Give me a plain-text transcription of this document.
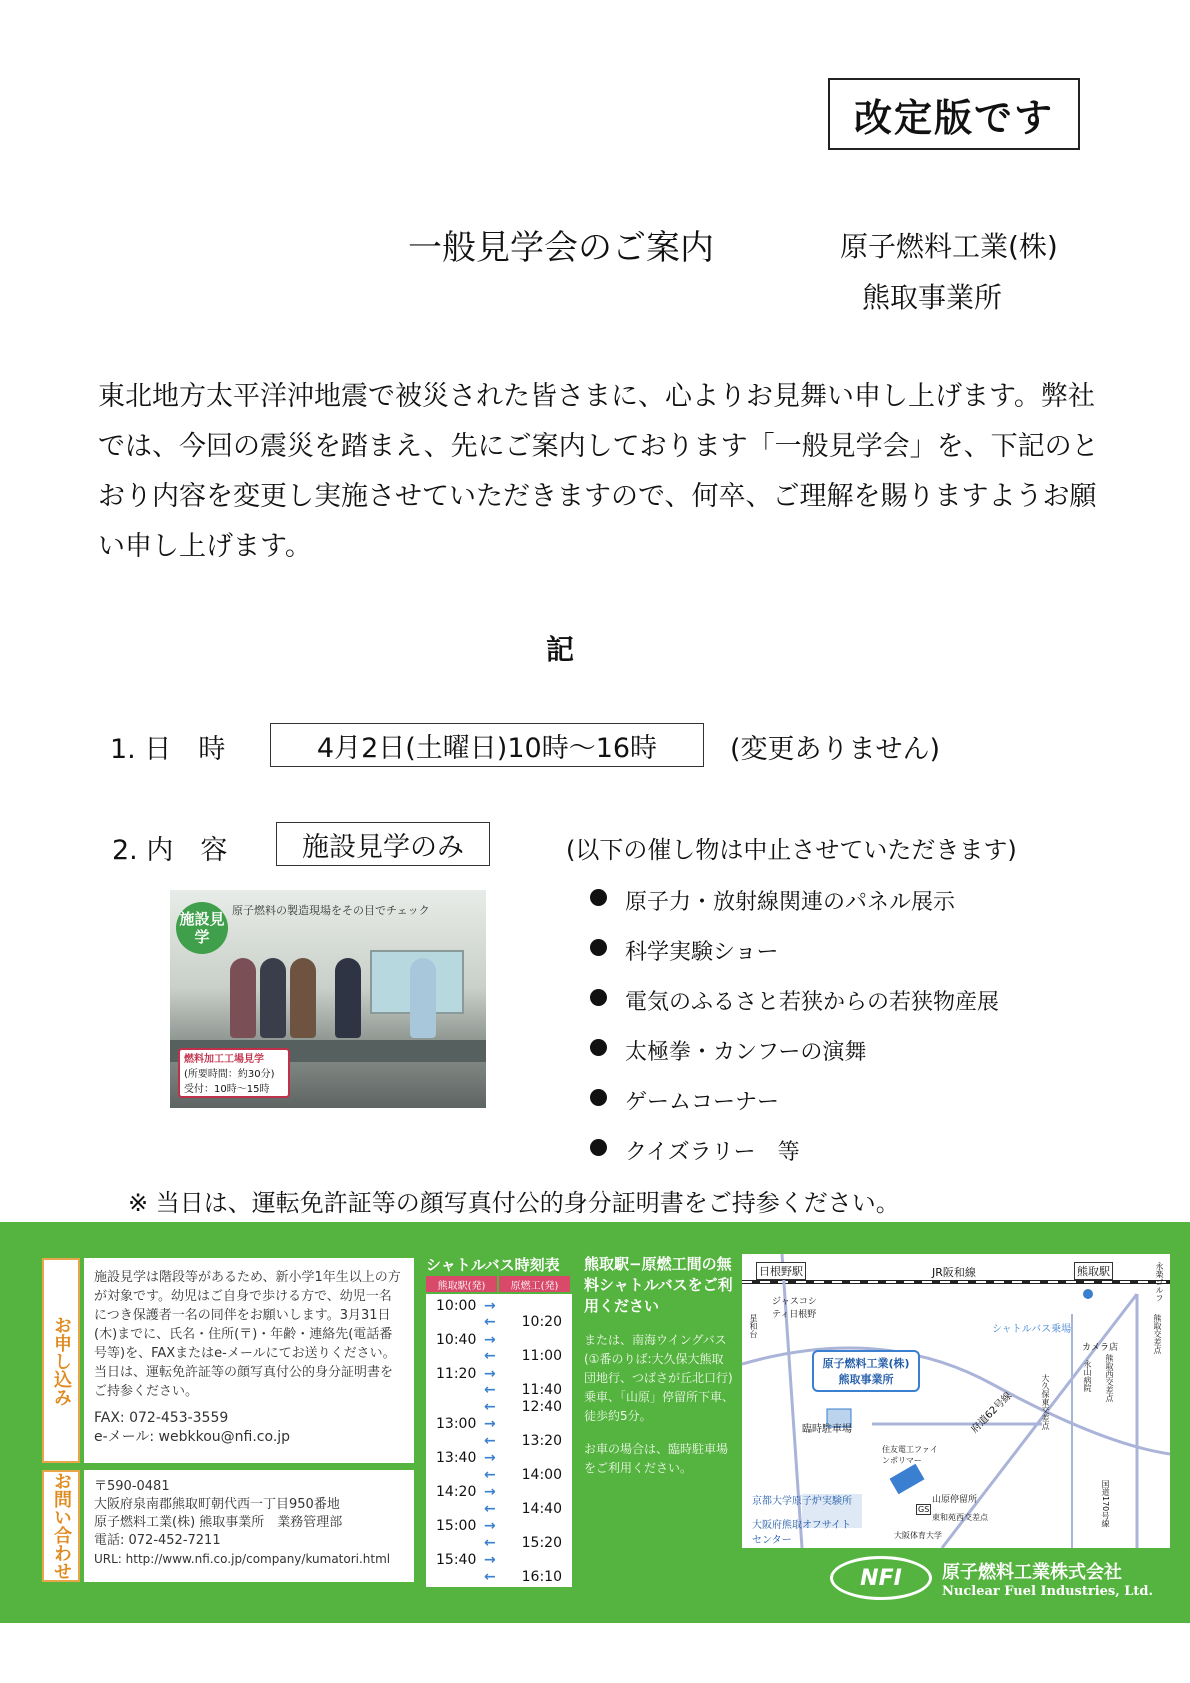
改定版です
一般見学会のご案内	原子燃料工業(株)
熊取事業所
東北地方太平洋沖地震で被災された皆さまに、心よりお見舞い申し上げます。弊社では、今回の震災を踏まえ、先にご案内しております「一般見学会」を、下記のとおり内容を変更し実施させていただきますので、何卒、ご理解を賜りますようお願い申し上げます。
記
1. 日　時	4月2日(土曜日)10時～16時	(変更ありません)
2. 内　容	施設見学のみ	(以下の催し物は中止させていただきます)
施設見学
原子燃料の製造現場をその目でチェック
燃料加工工場見学
(所要時間：約30分)
受付：10時～15時
原子力・放射線関連のパネル展示
科学実験ショー
電気のふるさと若狭からの若狭物産展
太極拳・カンフーの演舞
ゲームコーナー
クイズラリー　等
※ 当日は、運転免許証等の顔写真付公的身分証明書をご持参ください。
お申し込み
施設見学は階段等があるため、新小学1年生以上の方が対象です。幼児はご自身で歩ける方で、幼児一名につき保護者一名の同伴をお願いします。3月31日(木)までに、氏名・住所(〒)・年齢・連絡先(電話番号等)を、FAXまたはe-メールにてお送りください。当日は、運転免許証等の顔写真付公的身分証明書をご持参ください。
FAX: 072-453-3559
e-メール: webkkou@nfi.co.jp
お問い合わせ	〒590-0481
大阪府泉南郡熊取町朝代西一丁目950番地
原子燃料工業(株) 熊取事業所　業務管理部
電話: 072-452-7211
URL: http://www.nfi.co.jp/company/kumatori.html
シャトルバス時刻表
熊取駅(発)	原燃工(発)
10:00 →
←	10:20
10:40 →
←	11:00
11:20 →
←	11:40
←	12:40
13:00 →
←	13:20
13:40 →
←	14:00
14:20 →
←	14:40
15:00 →
←	15:20
15:40 →
←	16:10
熊取駅−原燃工間の無料シャトルバスをご利用ください
または、南海ウイングバス(①番のりば:大久保大熊取団地行、つばさが丘北口行)乗車、「山原」停留所下車、徒歩約5分。
お車の場合は、臨時駐車場をご利用ください。
日根野駅
ジャスコシティ日根野
JR阪和線	熊取駅
シャトルバス乗場
カメラ店
原子燃料工業(株) 熊取事業所
府道62号線
臨時駐車場
住友電工ファインポリマー
山原停留所
京都大学原子炉実験所
大阪府熊取オフサイトセンター	大阪体育大学
大久保東交差点	永山病院 熊取西交差点
熊取交差点
東和苑西交差点
GS	国道170号線
星和台
永楽ゴルフ
NFI	原子燃料工業株式会社
Nuclear Fuel Industries, Ltd.
